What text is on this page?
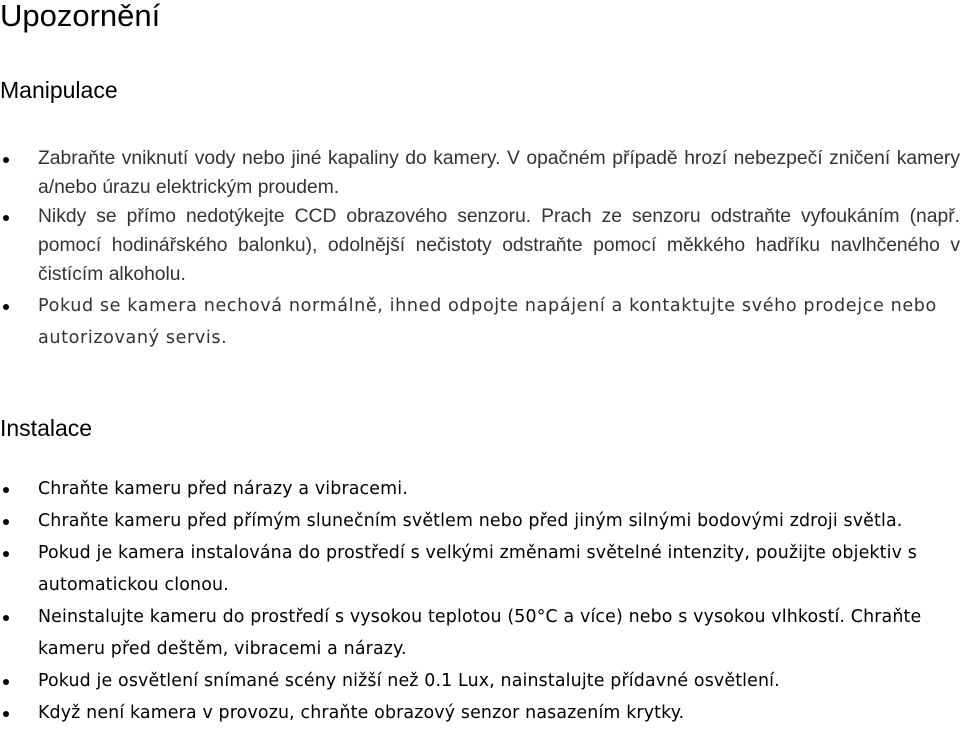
Upozornění
Manipulace
Zabraňte vniknutí vody nebo jiné kapaliny do kamery. V opačném případě hrozí nebezpečí zničení kamery a/nebo úrazu elektrickým proudem.
Nikdy se přímo nedotýkejte CCD obrazového senzoru. Prach ze senzoru odstraňte vyfoukáním (např. pomocí hodinářského balonku), odolnější nečistoty odstraňte pomocí měkkého hadříku navlhčeného v čistícím alkoholu.
Pokud se kamera nechová normálně, ihned odpojte napájení a kontaktujte svého prodejce nebo autorizovaný servis.
Instalace
Chraňte kameru před nárazy a vibracemi.
Chraňte kameru před přímým slunečním světlem nebo před jiným silnými bodovými zdroji světla.
Pokud je kamera instalována do prostředí s velkými změnami světelné intenzity, použijte objektiv s automatickou clonou.
Neinstalujte kameru do prostředí s vysokou teplotou (50°C a více) nebo s vysokou vlhkostí. Chraňte kameru před deštěm, vibracemi a nárazy.
Pokud je osvětlení snímané scény nižší než 0.1 Lux, nainstalujte přídavné osvětlení.
Když není kamera v provozu, chraňte obrazový senzor nasazením krytky.
